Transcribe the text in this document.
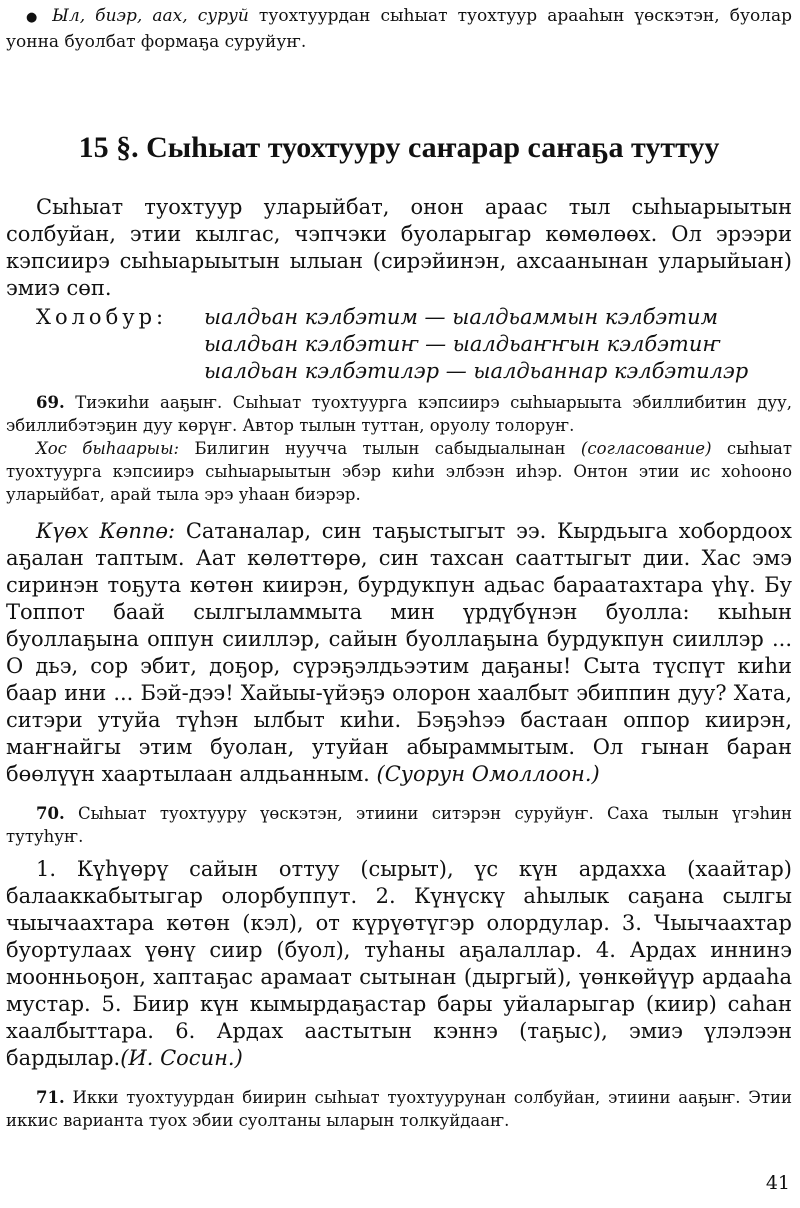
● Ыл, биэр, аах, суруй туохтуурдан сыһыат туохтуур арааһын үөскэтэн, буолар уонна буолбат формаҕа суруйуҥ.

15 §. Сыһыат туохтууру саҥарар саҥаҕа туттуу

Сыһыат туохтуур уларыйбат, онон араас тыл сыһыарыытын солбуйан, этии кылгас, чэпчэки буоларыгар көмөлөөх. Ол эрээри кэпсиирэ сыһыарыытын ылыан (сирэйинэн, ахсаанынан уларыйыан) эмиэ сөп.

Холобур:	ыалдьан кэлбэтим — ыалдьаммын кэлбэтим
ыалдьан кэлбэтиҥ — ыалдьаҥҥын кэлбэтиҥ
ыалдьан кэлбэтилэр — ыалдьаннар кэлбэтилэр

69. Тиэкиһи ааҕыҥ. Сыһыат туохтуурга кэпсиирэ сыһыарыыта эбиллибитин дуу, эбиллибэтэҕин дуу көрүҥ. Автор тылын туттан, оруолу толоруҥ.

Хос быһаарыы: Билигин нуучча тылын сабыдыалынан (согласование) сыһыат туохтуурга кэпсиирэ сыһыарыытын эбэр киһи элбээн иһэр. Онтон этии ис хоһооно уларыйбат, арай тыла эрэ уһаан биэрэр.

Күөх Көппө: Сатаналар, син таҕыстыгыт ээ. Кырдьыга хобордоох аҕалан таптым. Аат көлөттөрө, син тахсан сааттыгыт дии. Хас эмэ сиринэн тоҕута көтөн киирэн, бурдукпун адьас бараатахтара үһү. Бу Топпот баай сылгыламмыта мин үрдүбүнэн буолла: кыһын буоллаҕына оппун сииллэр, сайын буоллаҕына бурдукпун сииллэр ... О дьэ, сор эбит, доҕор, сүрэҕэлдьээтим даҕаны! Сыта түспүт киһи баар ини ... Бэй-дээ! Хайыы-үйэҕэ олорон хаалбыт эбиппин дуу? Хата, ситэри утуйа түһэн ылбыт киһи. Бэҕэһээ бастаан оппор киирэн, маҥнайгы этим буолан, утуйан абыраммытым. Ол гынан баран бөөлүүн хаартылаан алдьанным. (Суорун Омоллоон.)

70. Сыһыат туохтууру үөскэтэн, этиини ситэрэн суруйуҥ. Саха тылын үгэһин тутуһуҥ.

1. Күһүөрү сайын оттуу (сырыт), үс күн ардахха (хаайтар) балааккабытыгар олорбуппут. 2. Күнүскү аһылык саҕана сылгы чыычаахтара көтөн (кэл), от күрүөтүгэр олордулар. 3. Чыычаахтар буортулаах үөнү сиир (буол), туһаны аҕалаллар. 4. Ардах иннинэ моонньоҕон, хаптаҕас арамаат сытынан (дыргый), үөнкөйүүр ардааһа мустар. 5. Биир күн кымырдаҕастар бары уйаларыгар (киир) саһан хаалбыттара. 6. Ардах аастытын кэннэ (таҕыс), эмиэ үлэлээн бардылар.(И. Сосин.)

71. Икки туохтуурдан биирин сыһыат туохтуурунан солбуйан, этиини ааҕыҥ. Этии иккис варианта туох эбии суолтаны ыларын толкуйдааҥ.

41
